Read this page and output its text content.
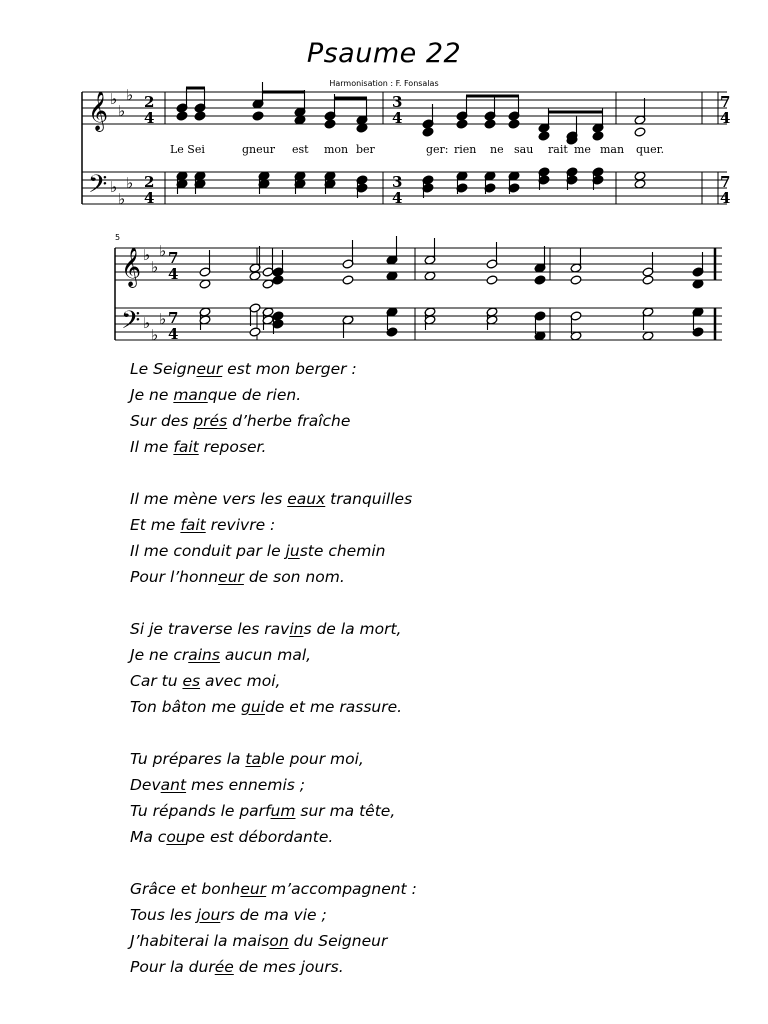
Psaume 22
Harmonisation : F. Fonsalas
𝄞
𝄢
♭
♭
♭
♭
♭
♭
𝄞
𝄢
♭
♭
♭
♭
♭
♭
2
4
3
4
7
4
2
4
3
4
7
4
7
4
7
4
5
Le Sei	gneur est mon ber	ger: rien ne sau rait me man quer.
Le Seigneur est mon berger :
Je ne manque de rien.
Sur des prés d’herbe fraîche
Il me fait reposer.
Il me mène vers les eaux tranquilles
Et me fait revivre :
Il me conduit par le juste chemin
Pour l’honneur de son nom.
Si je traverse les ravins de la mort,
Je ne crains aucun mal,
Car tu es avec moi,
Ton bâton me guide et me rassure.
Tu prépares la table pour moi,
Devant mes ennemis ;
Tu répands le parfum sur ma tête,
Ma coupe est débordante.
Grâce et bonheur m’accompagnent :
Tous les jours de ma vie ;
J’habiterai la maison du Seigneur
Pour la durée de mes jours.
